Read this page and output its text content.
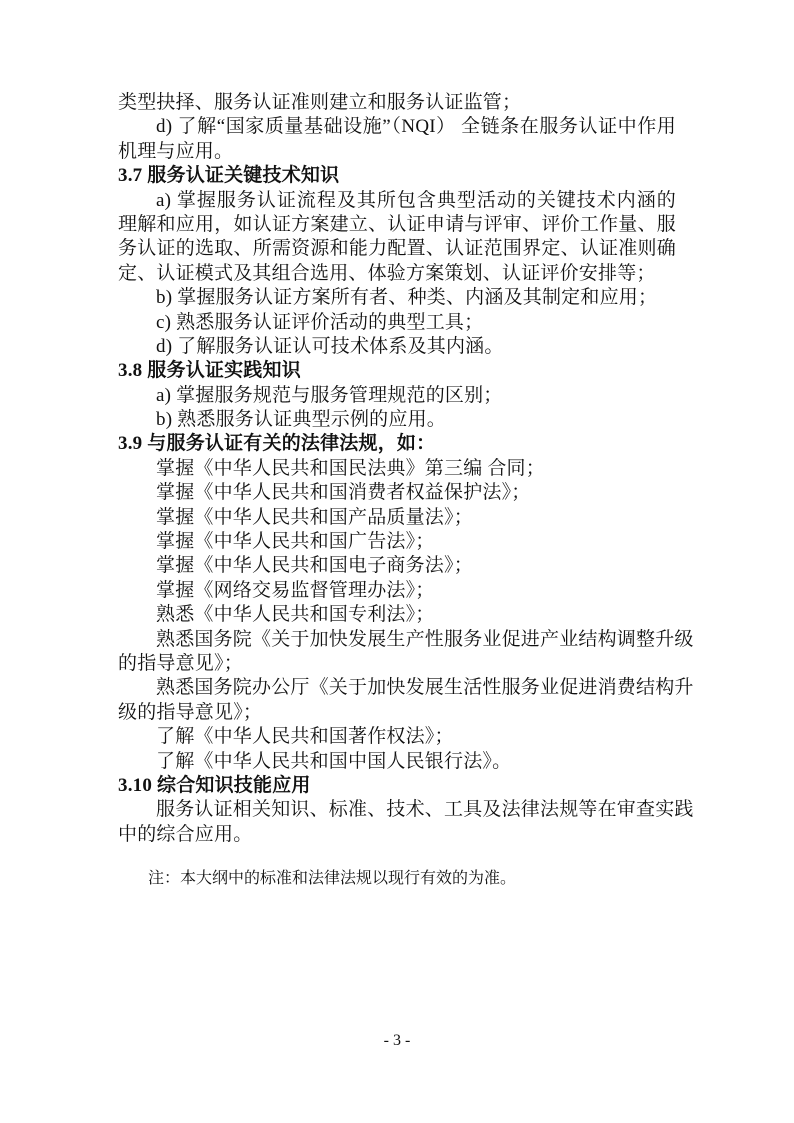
类型抉择、服务认证准则建立和服务认证监管；
d) 了解“国家质量基础设施”（NQI） 全链条在服务认证中作用
机理与应用。
3.7 服务认证关键技术知识
a) 掌握服务认证流程及其所包含典型活动的关键技术内涵的
理解和应用，如认证方案建立、认证申请与评审、评价工作量、服
务认证的选取、所需资源和能力配置、认证范围界定、认证准则确
定、认证模式及其组合选用、体验方案策划、认证评价安排等；
b) 掌握服务认证方案所有者、种类、内涵及其制定和应用；
c) 熟悉服务认证评价活动的典型工具；
d) 了解服务认证认可技术体系及其内涵。
3.8 服务认证实践知识
a) 掌握服务规范与服务管理规范的区别；
b) 熟悉服务认证典型示例的应用。
3.9 与服务认证有关的法律法规，如：
掌握《中华人民共和国民法典》第三编 合同；
掌握《中华人民共和国消费者权益保护法》；
掌握《中华人民共和国产品质量法》；
掌握《中华人民共和国广告法》；
掌握《中华人民共和国电子商务法》；
掌握《网络交易监督管理办法》；
熟悉《中华人民共和国专利法》；
熟悉国务院《关于加快发展生产性服务业促进产业结构调整升级
的指导意见》；
熟悉国务院办公厅《关于加快发展生活性服务业促进消费结构升
级的指导意见》；
了解《中华人民共和国著作权法》；
了解《中华人民共和国中国人民银行法》。
3.10 综合知识技能应用
服务认证相关知识、标准、技术、工具及法律法规等在审查实践
中的综合应用。
注：本大纲中的标准和法律法规以现行有效的为准。
- 3 -
